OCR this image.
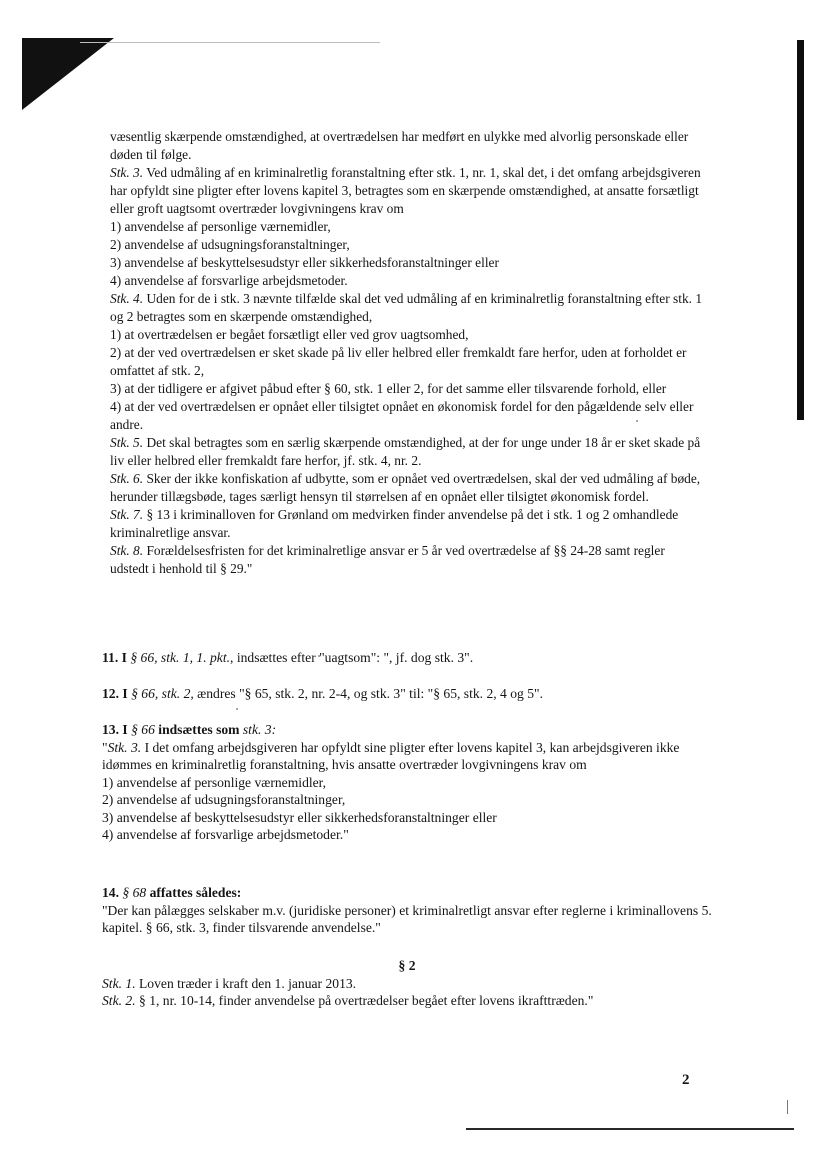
væsentlig skærpende omstændighed, at overtrædelsen har medført en ulykke med alvorlig personskade eller døden til følge.

Stk. 3. Ved udmåling af en kriminalretlig foranstaltning efter stk. 1, nr. 1, skal det, i det omfang arbejdsgiveren har opfyldt sine pligter efter lovens kapitel 3, betragtes som en skærpende omstændighed, at ansatte forsætligt eller groft uagtsomt overtræder lovgivningens krav om

1) anvendelse af personlige værnemidler,

2) anvendelse af udsugningsforanstaltninger,

3) anvendelse af beskyttelsesudstyr eller sikkerhedsforanstaltninger eller

4) anvendelse af forsvarlige arbejdsmetoder.

Stk. 4. Uden for de i stk. 3 nævnte tilfælde skal det ved udmåling af en kriminalretlig foranstaltning efter stk. 1 og 2 betragtes som en skærpende omstændighed,

1) at overtrædelsen er begået forsætligt eller ved grov uagtsomhed,

2) at der ved overtrædelsen er sket skade på liv eller helbred eller fremkaldt fare herfor, uden at forholdet er omfattet af stk. 2,

3) at der tidligere er afgivet påbud efter § 60, stk. 1 eller 2, for det samme eller tilsvarende forhold, eller

4) at der ved overtrædelsen er opnået eller tilsigtet opnået en økonomisk fordel for den pågældende selv eller andre.

Stk. 5. Det skal betragtes som en særlig skærpende omstændighed, at der for unge under 18 år er sket skade på liv eller helbred eller fremkaldt fare herfor, jf. stk. 4, nr. 2.

Stk. 6. Sker der ikke konfiskation af udbytte, som er opnået ved overtrædelsen, skal der ved udmåling af bøde, herunder tillægsbøde, tages særligt hensyn til størrelsen af en opnået eller tilsigtet økonomisk fordel.

Stk. 7. § 13 i kriminalloven for Grønland om medvirken finder anvendelse på det i stk. 1 og 2 omhandlede kriminalretlige ansvar.

Stk. 8. Forældelsesfristen for det kriminalretlige ansvar er 5 år ved overtrædelse af §§ 24-28 samt regler udstedt i henhold til § 29."

11. I § 66, stk. 1, 1. pkt., indsættes efter "uagtsom": ", jf. dog stk. 3".

12. I § 66, stk. 2, ændres "§ 65, stk. 2, nr. 2-4, og stk. 3" til: "§ 65, stk. 2, 4 og 5".

13. I § 66 indsættes som stk. 3:

"Stk. 3. I det omfang arbejdsgiveren har opfyldt sine pligter efter lovens kapitel 3, kan arbejdsgiveren ikke idømmes en kriminalretlig foranstaltning, hvis ansatte overtræder lovgivningens krav om

1) anvendelse af personlige værnemidler,

2) anvendelse af udsugningsforanstaltninger,

3) anvendelse af beskyttelsesudstyr eller sikkerhedsforanstaltninger eller

4) anvendelse af forsvarlige arbejdsmetoder."

14. § 68 affattes således:

"Der kan pålægges selskaber m.v. (juridiske personer) et kriminalretligt ansvar efter reglerne i kriminallovens 5. kapitel. § 66, stk. 3, finder tilsvarende anvendelse."

§ 2

Stk. 1. Loven træder i kraft den 1. januar 2013.

Stk. 2. § 1, nr. 10-14, finder anvendelse på overtrædelser begået efter lovens ikrafttræden."

2
